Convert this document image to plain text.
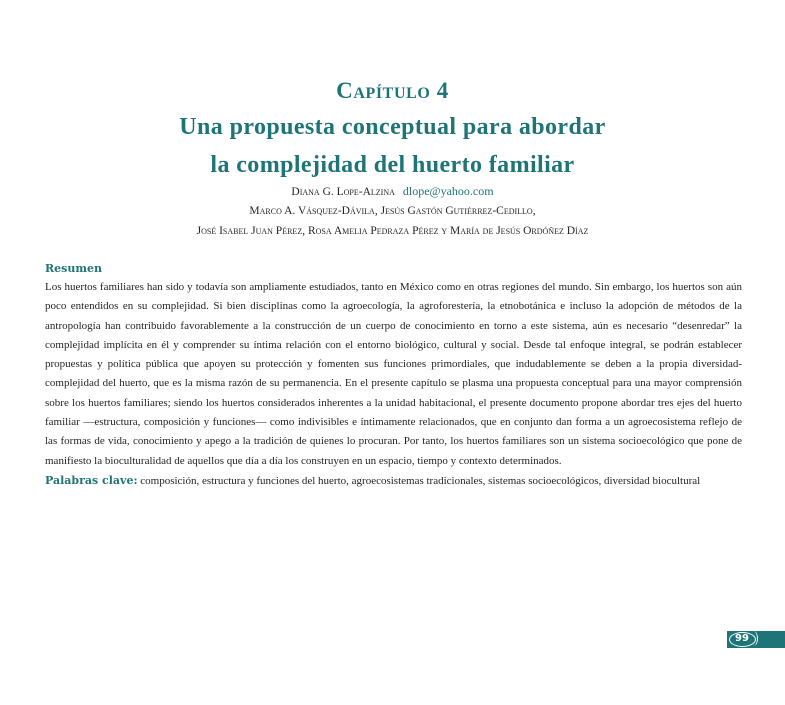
Capítulo 4
Una propuesta conceptual para abordar
la complejidad del huerto familiar
Diana G. Lope-Alzina dlope@yahoo.com
Marco A. Vásquez-Dávila, Jesús Gastón Gutiérrez-Cedillo,
José Isabel Juan Pérez, Rosa Amelia Pedraza Pérez y María de Jesús Ordóñez Díaz
Resumen

Los huertos familiares han sido y todavía son ampliamente estudiados, tanto en México como en otras regiones del mundo. Sin embargo, los huertos son aún poco entendidos en su complejidad. Si bien disciplinas como la agroecología, la agroforestería, la etnobotánica e incluso la adopción de métodos de la antropología han contribuido favorablemente a la construcción de un cuerpo de conocimiento en torno a este sistema, aún es necesario “desenredar” la complejidad implícita en él y comprender su íntima relación con el entorno biológico, cultural y social. Desde tal enfoque integral, se podrán establecer propuestas y política pública que apoyen su protección y fomenten sus funciones primordiales, que indudablemente se deben a la propia diversidad-complejidad del huerto, que es la misma razón de su permanencia. En el presente capítulo se plasma una propuesta conceptual para una mayor comprensión sobre los huertos familiares; siendo los huertos considerados inherentes a la unidad habitacional, el presente documento propone abordar tres ejes del huerto familiar —estructura, composición y funciones— como indivisibles e íntimamente relacionados, que en conjunto dan forma a un agroecosistema reflejo de las formas de vida, conocimiento y apego a la tradición de quienes lo procuran. Por tanto, los huertos familiares son un sistema socioecológico que pone de manifiesto la bioculturalidad de aquellos que día a día los construyen en un espacio, tiempo y contexto determinados.

Palabras clave: composición, estructura y funciones del huerto, agroecosistemas tradicionales, sistemas socioecológicos, diversidad biocultural
99
